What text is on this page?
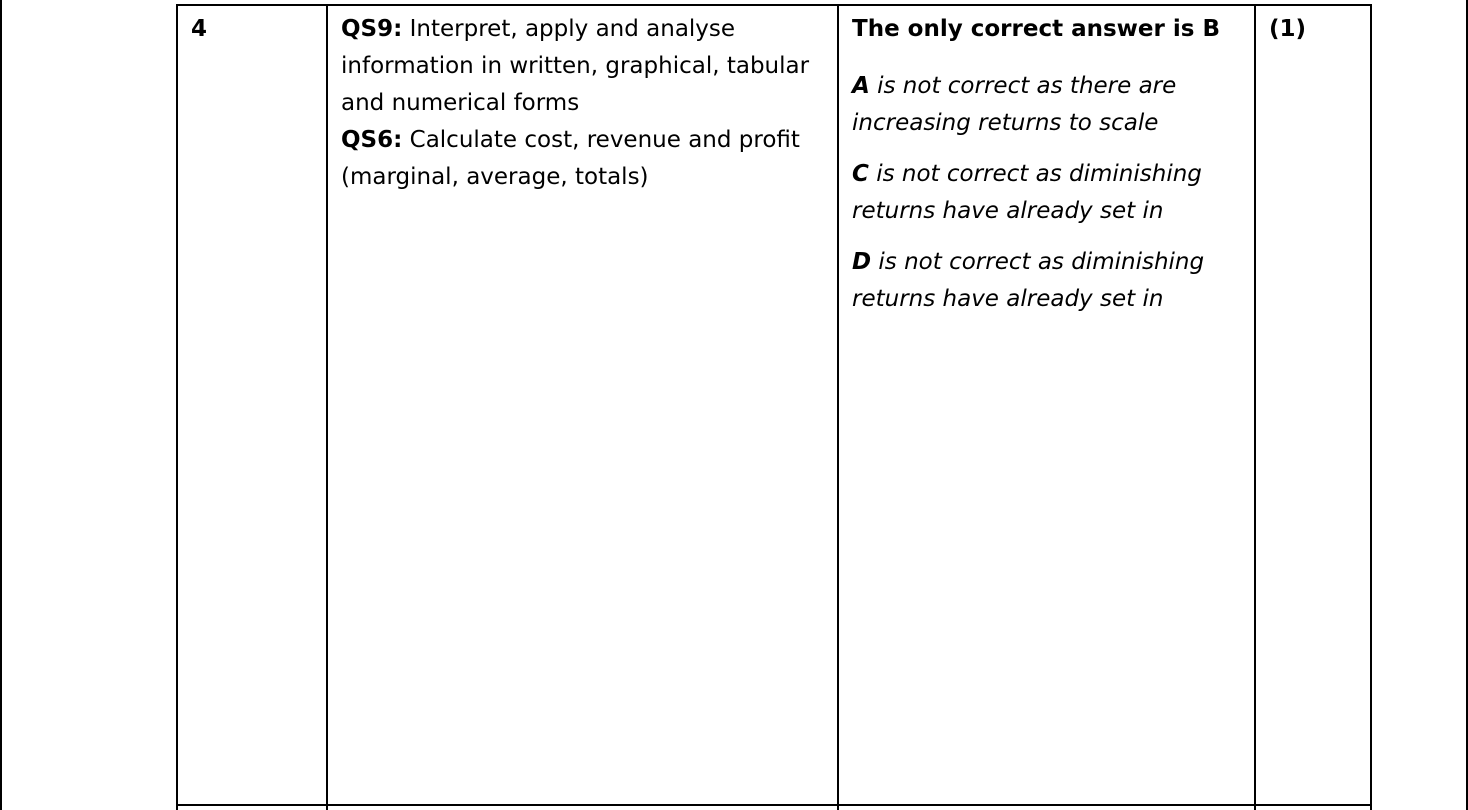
4	QS9: Interpret, apply and analyse information in written, graphical, tabular and numerical forms

QS6: Calculate cost, revenue and profit (marginal, average, totals)

The only correct answer is B

A is not correct as there are increasing returns to scale

C is not correct as diminishing returns have already set in

D is not correct as diminishing returns have already set in

(1)
